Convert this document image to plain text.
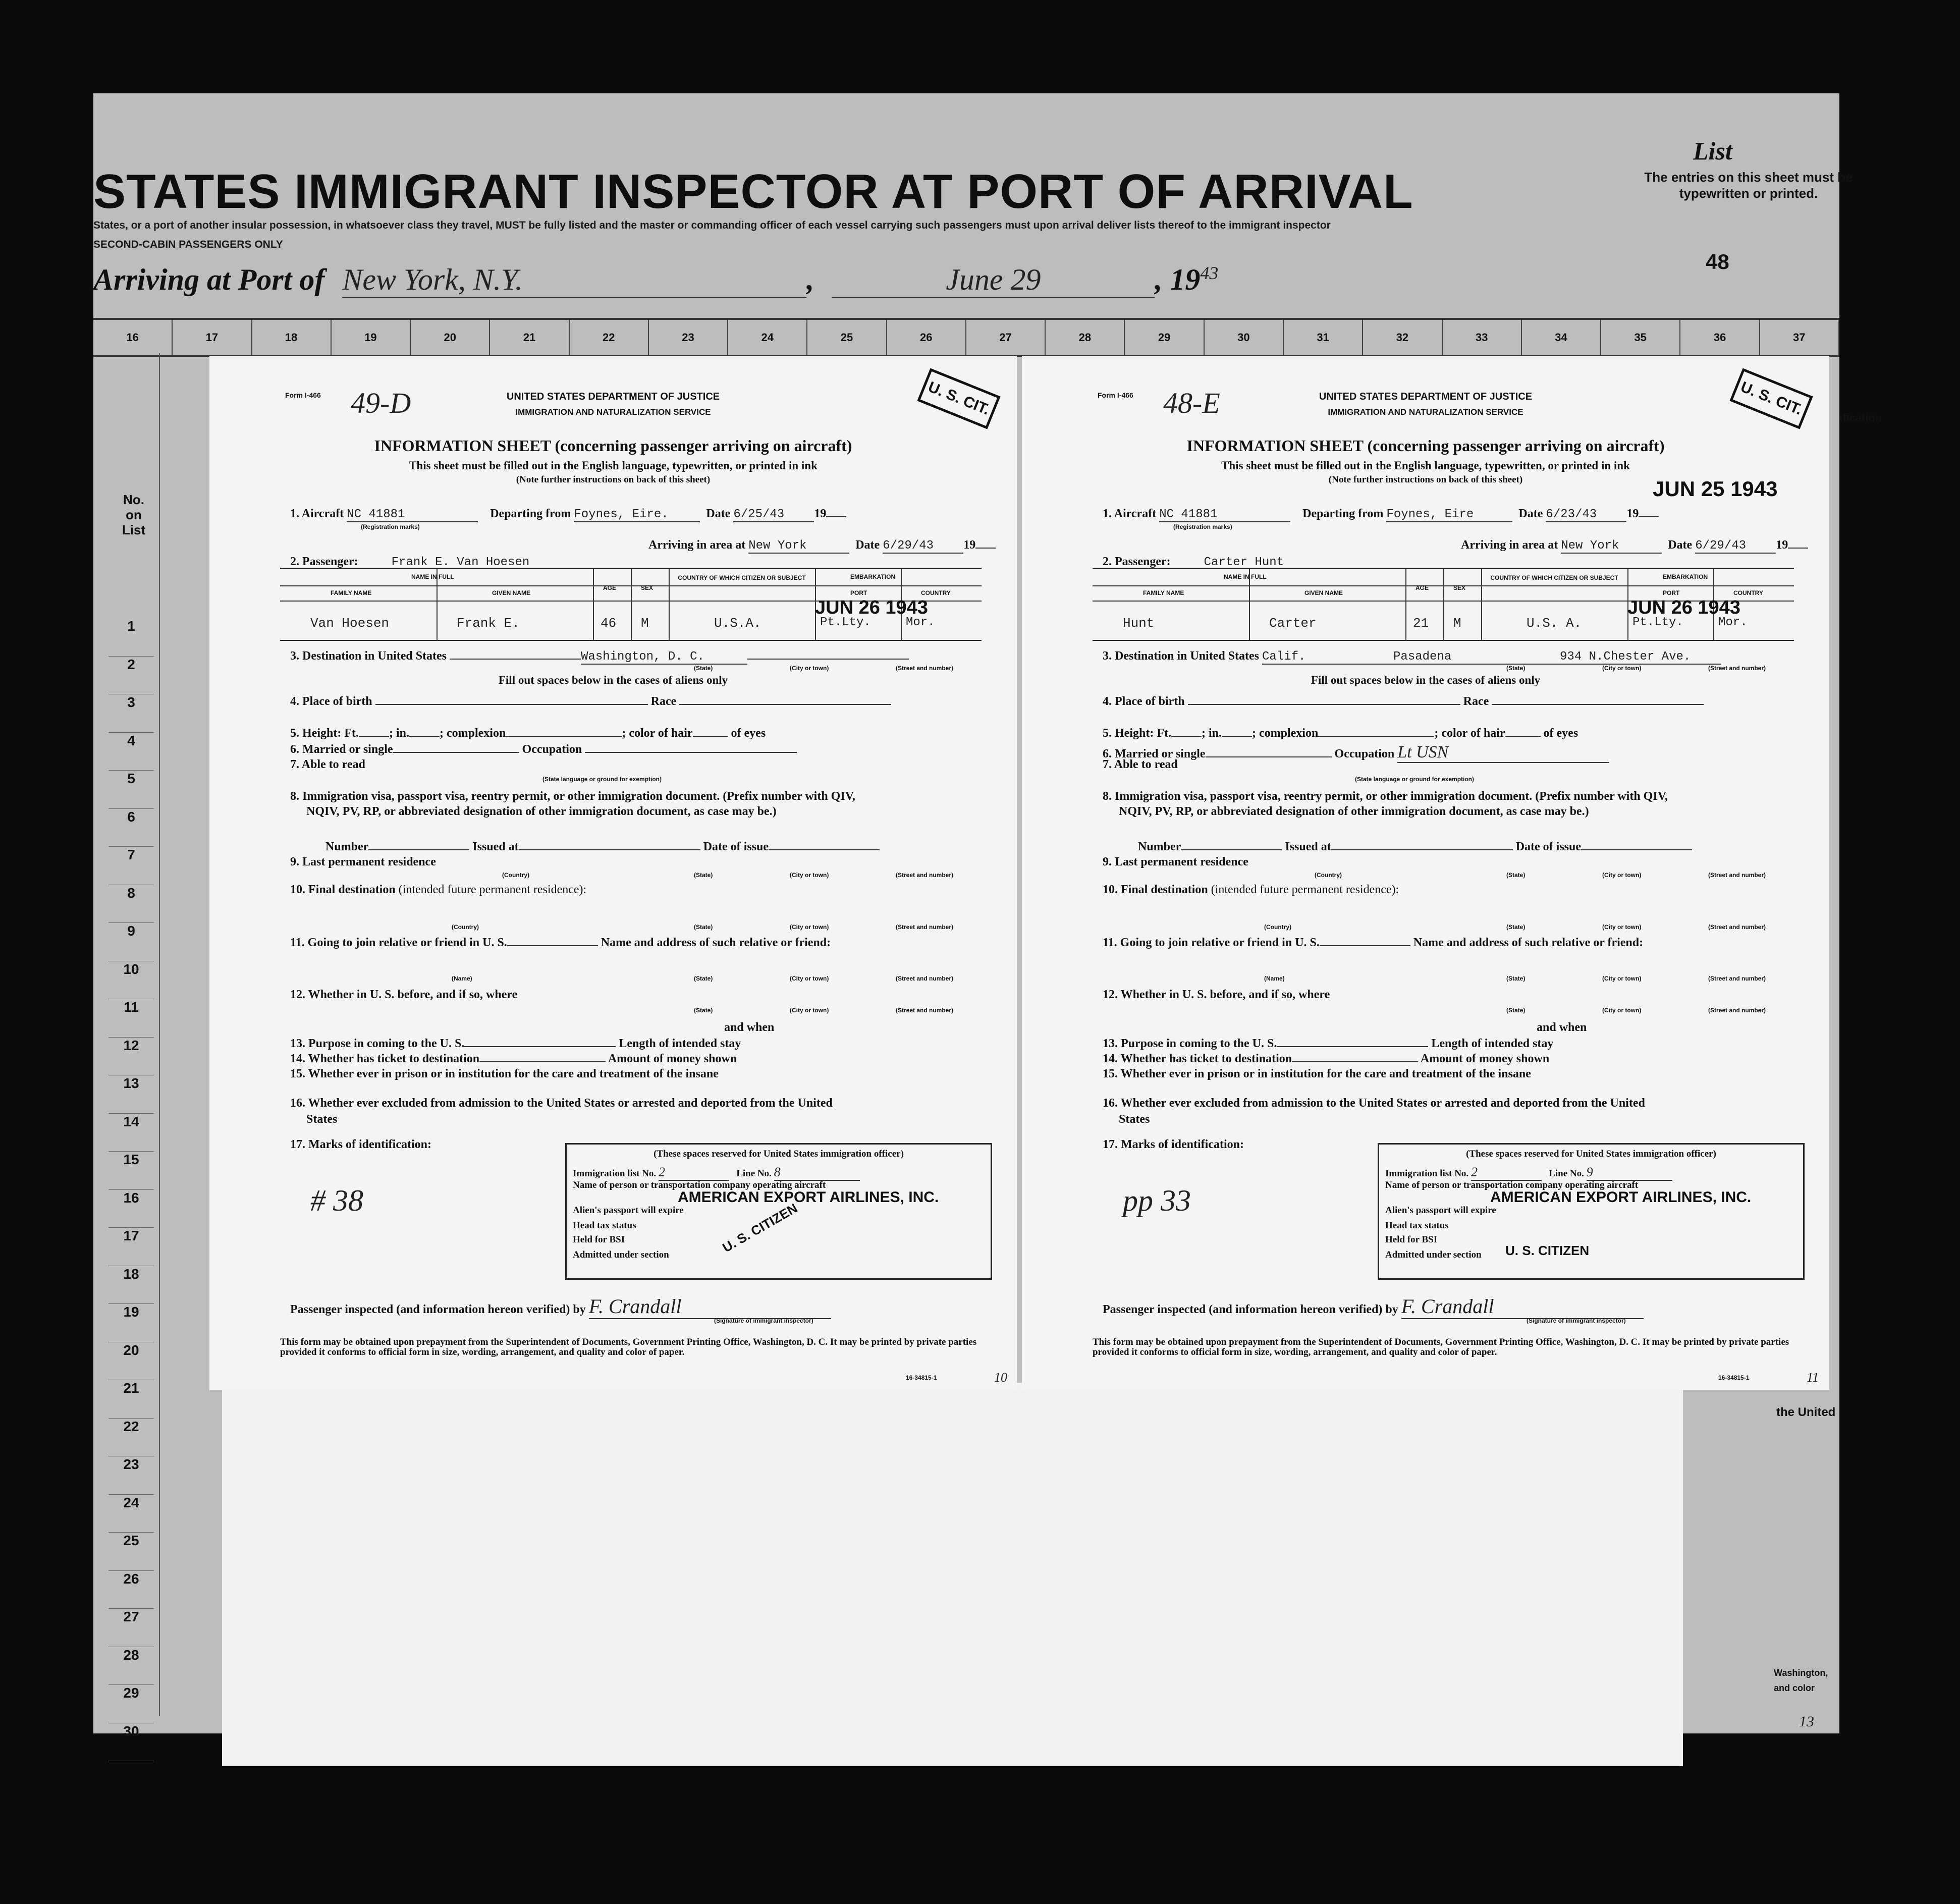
STATES IMMIGRANT INSPECTOR AT PORT OF ARRIVAL
States, or a port of another insular possession, in whatsoever class they travel, MUST be fully listed and the master or commanding officer of each vessel carrying such passengers must upon arrival deliver lists thereof to the immigrant inspector
SECOND-CABIN PASSENGERS ONLY
Arriving at Port of New York, N.Y.	,	June 29	, $19^{43}$
List
The entries on this sheet must be typewritten or printed.
48
16	17	18	19	20	21	22	23	24	25	26	27	28	29	30	31	32	33	34	35	36	37
No. on List
1
2
3
4
5
6
7
8
9
10
11
12
13
14
15
16
17
18
19
20
21
22
23
24
25
26
27
28
29
30
ification
the United
Washington,
and color
13
Form I-466 49-D	U. S. CIT.
UNITED STATES DEPARTMENT OF JUSTICE
IMMIGRATION AND NATURALIZATION SERVICE
INFORMATION SHEET (concerning passenger arriving on aircraft)
This sheet must be filled out in the English language, typewritten, or printed in ink
(Note further instructions on back of this sheet)
1. Aircraft NC 41881	Departing from Foynes, Eire.	Date 6/25/43 19
(Registration marks)
Arriving in area at New York	Date 6/29/43 19
2. Passenger:	Frank E. Van Hoesen
NAME IN FULL
FAMILY NAME	GIVEN NAME
AGE	SEX
COUNTRY OF WHICH CITIZEN OR SUBJECT	EMBARKATION
PORT	COUNTRY
Van Hoesen	Frank E.	46 M	U.S.A.	Pt.Lty.	Mor.
JUN 26 1943
3. Destination in United States	Washington, D. C.
(State)	(City or town)	(Street and number)
Fill out spaces below in the cases of aliens only
4. Place of birth	Race
5. Height: Ft.	; in.	; complexion	; color of hair	of eyes
6. Married or single	Occupation
7. Able to read
(State language or ground for exemption)
8. Immigration visa, passport visa, reentry permit, or other immigration document. (Prefix number with QIV,
NQIV, PV, RP, or abbreviated designation of other immigration document, as case may be.)
Number	Issued at	Date of issue
9. Last permanent residence
(Country)	(State)	(City or town)	(Street and number)
10. Final destination (intended future permanent residence):
(Country)	(State)	(City or town)	(Street and number)
11. Going to join relative or friend in U. S.	Name and address of such relative or friend:
(Name)	(State)	(City or town)	(Street and number)
12. Whether in U. S. before, and if so, where
(State)	(City or town)	(Street and number)
and when
13. Purpose in coming to the U. S.	Length of intended stay
14. Whether has ticket to destination	Amount of money shown
15. Whether ever in prison or in institution for the care and treatment of the insane
16. Whether ever excluded from admission to the United States or arrested and deported from the United
States
17. Marks of identification:
# 38
(These spaces reserved for United States immigration officer)
Immigration list No. 2	Line No. 8
Name of person or transportation company operating aircraft
AMERICAN EXPORT AIRLINES, INC.
Alien's passport will expire
Head tax status
Held for BSI
Admitted under section	U. S. CITIZEN
Passenger inspected (and information hereon verified) by F. Crandall
(Signature of immigrant inspector)
This form may be obtained upon prepayment from the Superintendent of Documents, Government Printing Office, Washington, D. C. It may be printed by private parties provided it conforms to official form in size, wording, arrangement, and quality and color of paper.
16-34815-1	10
Form I-466 48-E	U. S. CIT.
UNITED STATES DEPARTMENT OF JUSTICE
IMMIGRATION AND NATURALIZATION SERVICE
INFORMATION SHEET (concerning passenger arriving on aircraft)
This sheet must be filled out in the English language, typewritten, or printed in ink
(Note further instructions on back of this sheet)	JUN 25 1943
1. Aircraft NC 41881	Departing from Foynes, Eire	Date 6/23/43 19
(Registration marks)
Arriving in area at New York	Date 6/29/43 19
2. Passenger:	Carter Hunt
NAME IN FULL
FAMILY NAME	GIVEN NAME
AGE	SEX
COUNTRY OF WHICH CITIZEN OR SUBJECT	EMBARKATION
PORT	COUNTRY
Hunt	Carter	21 M	U.S. A.	Pt.Lty.	Mor.
JUN 26 1943
3. Destination in United States Calif.	Pasadena	934 N.Chester Ave.
(State)	(City or town)	(Street and number)
Fill out spaces below in the cases of aliens only
4. Place of birth	Race
5. Height: Ft.	; in.	; complexion	; color of hair	of eyes
6. Married or single	Occupation Lt USN
7. Able to read
(State language or ground for exemption)
8. Immigration visa, passport visa, reentry permit, or other immigration document. (Prefix number with QIV,
NQIV, PV, RP, or abbreviated designation of other immigration document, as case may be.)
Number	Issued at	Date of issue
9. Last permanent residence
(Country)	(State)	(City or town)	(Street and number)
10. Final destination (intended future permanent residence):
(Country)	(State)	(City or town)	(Street and number)
11. Going to join relative or friend in U. S.	Name and address of such relative or friend:
(Name)	(State)	(City or town)	(Street and number)
12. Whether in U. S. before, and if so, where
(State)	(City or town)	(Street and number)
and when
13. Purpose in coming to the U. S.	Length of intended stay
14. Whether has ticket to destination	Amount of money shown
15. Whether ever in prison or in institution for the care and treatment of the insane
16. Whether ever excluded from admission to the United States or arrested and deported from the United
States
17. Marks of identification:
pp 33
(These spaces reserved for United States immigration officer)
Immigration list No. 2	Line No. 9
Name of person or transportation company operating aircraft
AMERICAN EXPORT AIRLINES, INC.
Alien's passport will expire
Head tax status
Held for BSI
Admitted under section U. S. CITIZEN
Passenger inspected (and information hereon verified) by F. Crandall
(Signature of immigrant inspector)
This form may be obtained upon prepayment from the Superintendent of Documents, Government Printing Office, Washington, D. C. It may be printed by private parties provided it conforms to official form in size, wording, arrangement, and quality and color of paper.
16-34815-1	11
